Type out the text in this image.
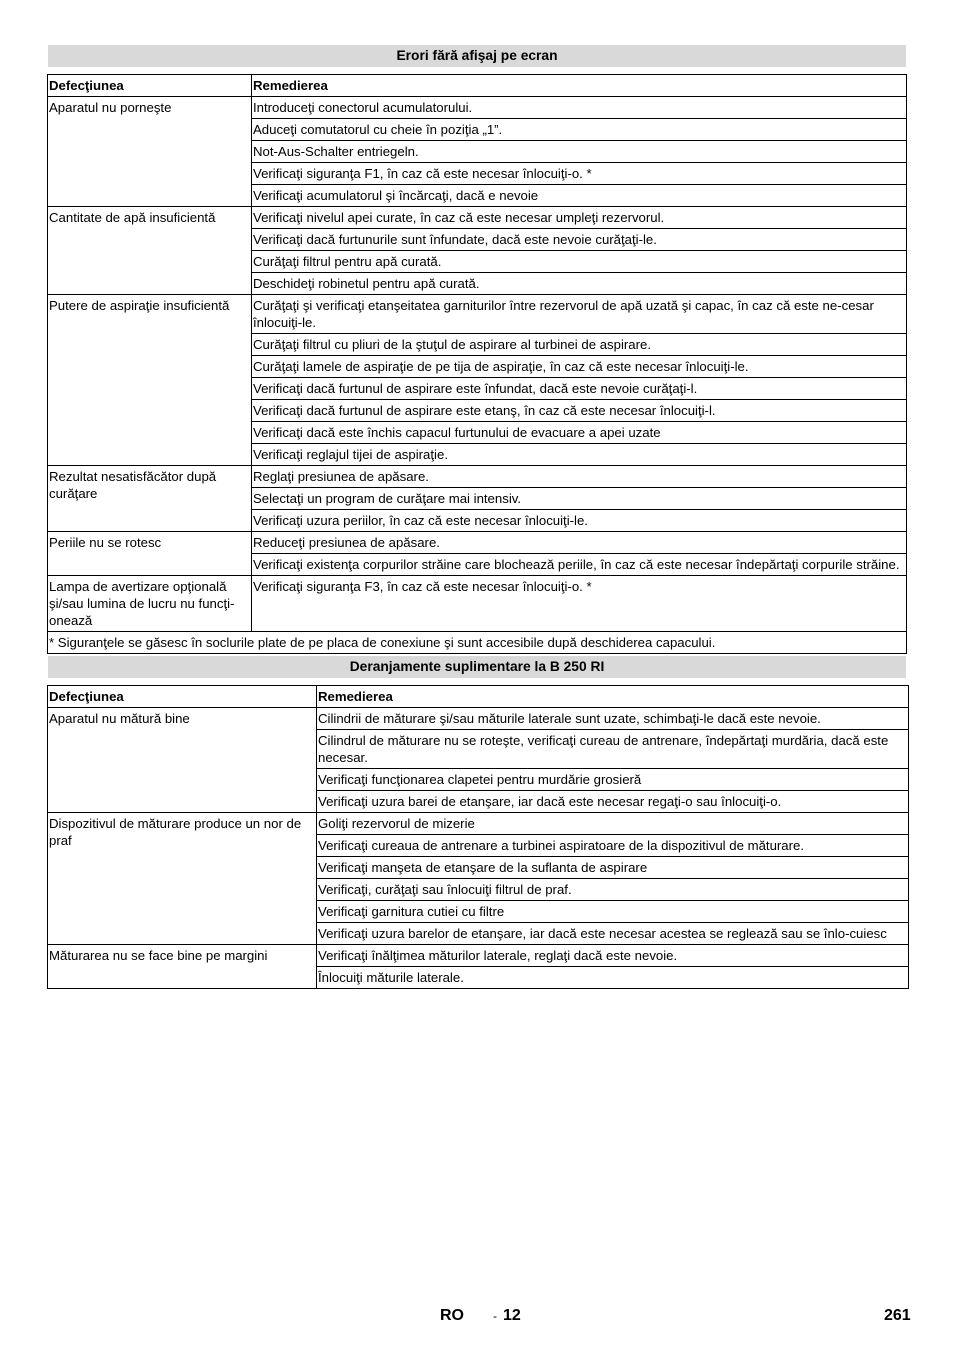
Erori fără afişaj pe ecran
Defecţiunea	Remedierea
Aparatul nu porneşte	Introduceţi conectorul acumulatorului.
	Aduceţi comutatorul cu cheie în poziţia „1”.
	Not-Aus-Schalter entriegeln.
	Verificaţi siguranţa F1, în caz că este necesar înlocuiţi-o. *
	Verificaţi acumulatorul şi încărcaţi, dacă e nevoie
Cantitate de apă insuficientă	Verificaţi nivelul apei curate, în caz că este necesar umpleţi rezervorul.
	Verificaţi dacă furtunurile sunt înfundate, dacă este nevoie curăţaţi-le.
	Curăţaţi filtrul pentru apă curată.
	Deschideţi robinetul pentru apă curată.
Putere de aspiraţie insuficientă	Curăţaţi şi verificaţi etanşeitatea garniturilor între rezervorul de apă uzată şi capac, în caz că este ne-cesar înlocuiţi-le.
	Curăţaţi filtrul cu pliuri de la ştuţul de aspirare al turbinei de aspirare.
	Curăţaţi lamele de aspiraţie de pe tija de aspiraţie, în caz că este necesar înlocuiţi-le.
	Verificaţi dacă furtunul de aspirare este înfundat, dacă este nevoie curăţaţi-l.
	Verificaţi dacă furtunul de aspirare este etanş, în caz că este necesar înlocuiţi-l.
	Verificaţi dacă este închis capacul furtunului de evacuare a apei uzate
	Verificaţi reglajul tijei de aspiraţie.
Rezultat nesatisfăcător după curăţare	Reglaţi presiunea de apăsare.
	Selectaţi un program de curăţare mai intensiv.
	Verificaţi uzura periilor, în caz că este necesar înlocuiţi-le.
Periile nu se rotesc	Reduceţi presiunea de apăsare.
	Verificaţi existenţa corpurilor străine care blochează periile, în caz că este necesar îndepărtaţi corpurile străine.
Lampa de avertizare opţională şi/sau lumina de lucru nu funcţi-onează	Verificaţi siguranţa F3, în caz că este necesar înlocuiţi-o. *
* Siguranţele se găsesc în soclurile plate de pe placa de conexiune şi sunt accesibile după deschiderea capacului.	
Deranjamente suplimentare la B 250 RI
Defecţiunea	Remedierea
Aparatul nu mătură bine	Cilindrii de măturare şi/sau măturile laterale sunt uzate, schimbaţi-le dacă este nevoie.
	Cilindrul de măturare nu se roteşte, verificaţi cureau de antrenare, îndepărtaţi murdăria, dacă este necesar.
	Verificaţi funcţionarea clapetei pentru murdărie grosieră
	Verificaţi uzura barei de etanşare, iar dacă este necesar regaţi-o sau înlocuiţi-o.
Dispozitivul de măturare produce un nor de praf	Goliţi rezervorul de mizerie
	Verificaţi cureaua de antrenare a turbinei aspiratoare de la dispozitivul de măturare.
	Verificaţi manşeta de etanşare de la suflanta de aspirare
	Verificaţi, curăţaţi sau înlocuiţi filtrul de praf.
	Verificaţi garnitura cutiei cu filtre
	Verificaţi uzura barelor de etanşare, iar dacă este necesar acestea se reglează sau se înlo-cuiesc
Măturarea nu se face bine pe margini	Verificaţi înălţimea măturilor laterale, reglaţi dacă este nevoie.
	Înlocuiţi măturile laterale.
RO - 12	261
